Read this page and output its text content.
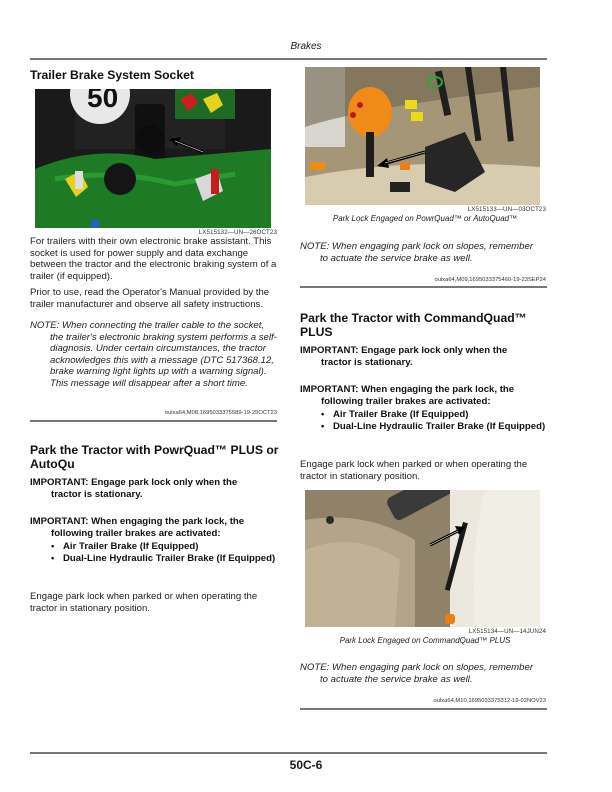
Brakes
Trailer Brake System Socket
50
LX515132—UN—26OCT23
For trailers with their own electronic brake assistant. This socket is used for power supply and data exchange between the tractor and the electronic braking system of a trailer (if equipped).
Prior to use, read the Operator's Manual provided by the trailer manufacturer and observe all safety instructions.
NOTE: When connecting the trailer cable to the socket,
the trailer's electronic braking system performs a self-diagnosis. Under certain circumstances, the tractor acknowledges this with a message (DTC 517368.12, brake warning light lights up with a warning signal). This message will disappear after a short time.
oulxa64,M08,1695033375589-19-25OCT23
Park the Tractor with PowrQuad™ PLUS or AutoQu
IMPORTANT: Engage park lock only when the
tractor is stationary.
IMPORTANT: When engaging the park lock, the
following trailer brakes are activated:
• Air Trailer Brake (If Equipped)
• Dual-Line Hydraulic Trailer Brake (If Equipped)
Engage park lock when parked or when operating the tractor in stationary position.
LX515133—UN—03OCT23
Park Lock Engaged on PowrQuad™ or AutoQuad™
NOTE: When engaging park lock on slopes, remember
to actuate the service brake as well.
oulxa64,M09,1695033375460-19-23SEP24
Park the Tractor with CommandQuad™ PLUS
IMPORTANT: Engage park lock only when the
tractor is stationary.
IMPORTANT: When engaging the park lock, the
following trailer brakes are activated:
• Air Trailer Brake (If Equipped)
• Dual-Line Hydraulic Trailer Brake (If Equipped)
Engage park lock when parked or when operating the tractor in stationary position.
LX515134—UN—14JUN24
Park Lock Engaged on CommandQuad™ PLUS
NOTE: When engaging park lock on slopes, remember
to actuate the service brake as well.
oulxa64,M10,1695033375312-19-02NOV23
50C-6
